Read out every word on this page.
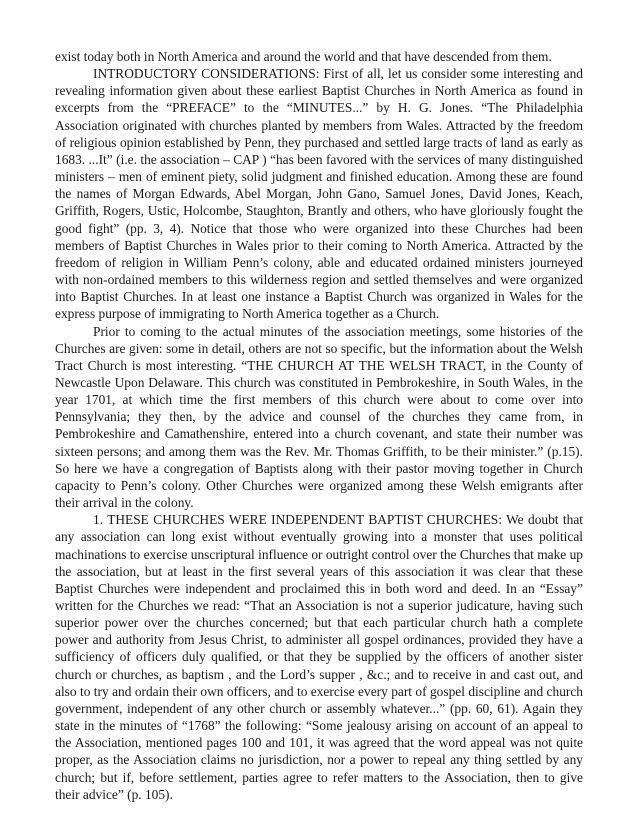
exist today both in North America and around the world and that have descended from them.

INTRODUCTORY CONSIDERATIONS: First of all, let us consider some interesting and revealing information given about these earliest Baptist Churches in North America as found in excerpts from the “PREFACE” to the “MINUTES...” by H. G. Jones. “The Philadelphia Association originated with churches planted by members from Wales. Attracted by the freedom of religious opinion established by Penn, they purchased and settled large tracts of land as early as 1683. ...It” (i.e. the association – CAP ) “has been favored with the services of many distinguished ministers – men of eminent piety, solid judgment and finished education. Among these are found the names of Morgan Edwards, Abel Morgan, John Gano, Samuel Jones, David Jones, Keach, Griffith, Rogers, Ustic, Holcombe, Staughton, Brantly and others, who have gloriously fought the good fight” (pp. 3, 4). Notice that those who were organized into these Churches had been members of Baptist Churches in Wales prior to their coming to North America. Attracted by the freedom of religion in William Penn’s colony, able and educated ordained ministers journeyed with non-ordained members to this wilderness region and settled themselves and were organized into Baptist Churches. In at least one instance a Baptist Church was organized in Wales for the express purpose of immigrating to North America together as a Church.

Prior to coming to the actual minutes of the association meetings, some histories of the Churches are given: some in detail, others are not so specific, but the information about the Welsh Tract Church is most interesting. “THE CHURCH AT THE WELSH TRACT, in the County of Newcastle Upon Delaware. This church was constituted in Pembrokeshire, in South Wales, in the year 1701, at which time the first members of this church were about to come over into Pennsylvania; they then, by the advice and counsel of the churches they came from, in Pembrokeshire and Camathenshire, entered into a church covenant, and state their number was sixteen persons; and among them was the Rev. Mr. Thomas Griffith, to be their minister.” (p.15). So here we have a congregation of Baptists along with their pastor moving together in Church capacity to Penn’s colony. Other Churches were organized among these Welsh emigrants after their arrival in the colony.

1. THESE CHURCHES WERE INDEPENDENT BAPTIST CHURCHES: We doubt that any association can long exist without eventually growing into a monster that uses political machinations to exercise unscriptural influence or outright control over the Churches that make up the association, but at least in the first several years of this association it was clear that these Baptist Churches were independent and proclaimed this in both word and deed. In an “Essay” written for the Churches we read: “That an Association is not a superior judicature, having such superior power over the churches concerned; but that each particular church hath a complete power and authority from Jesus Christ, to administer all gospel ordinances, provided they have a sufficiency of officers duly qualified, or that they be supplied by the officers of another sister church or churches, as baptism , and the Lord’s supper , &c.; and to receive in and cast out, and also to try and ordain their own officers, and to exercise every part of gospel discipline and church government, independent of any other church or assembly whatever...” (pp. 60, 61). Again they state in the minutes of “1768” the following: “Some jealousy arising on account of an appeal to the Association, mentioned pages 100 and 101, it was agreed that the word appeal was not quite proper, as the Association claims no jurisdiction, nor a power to repeal any thing settled by any church; but if, before settlement, parties agree to refer matters to the Association, then to give their advice” (p. 105).
